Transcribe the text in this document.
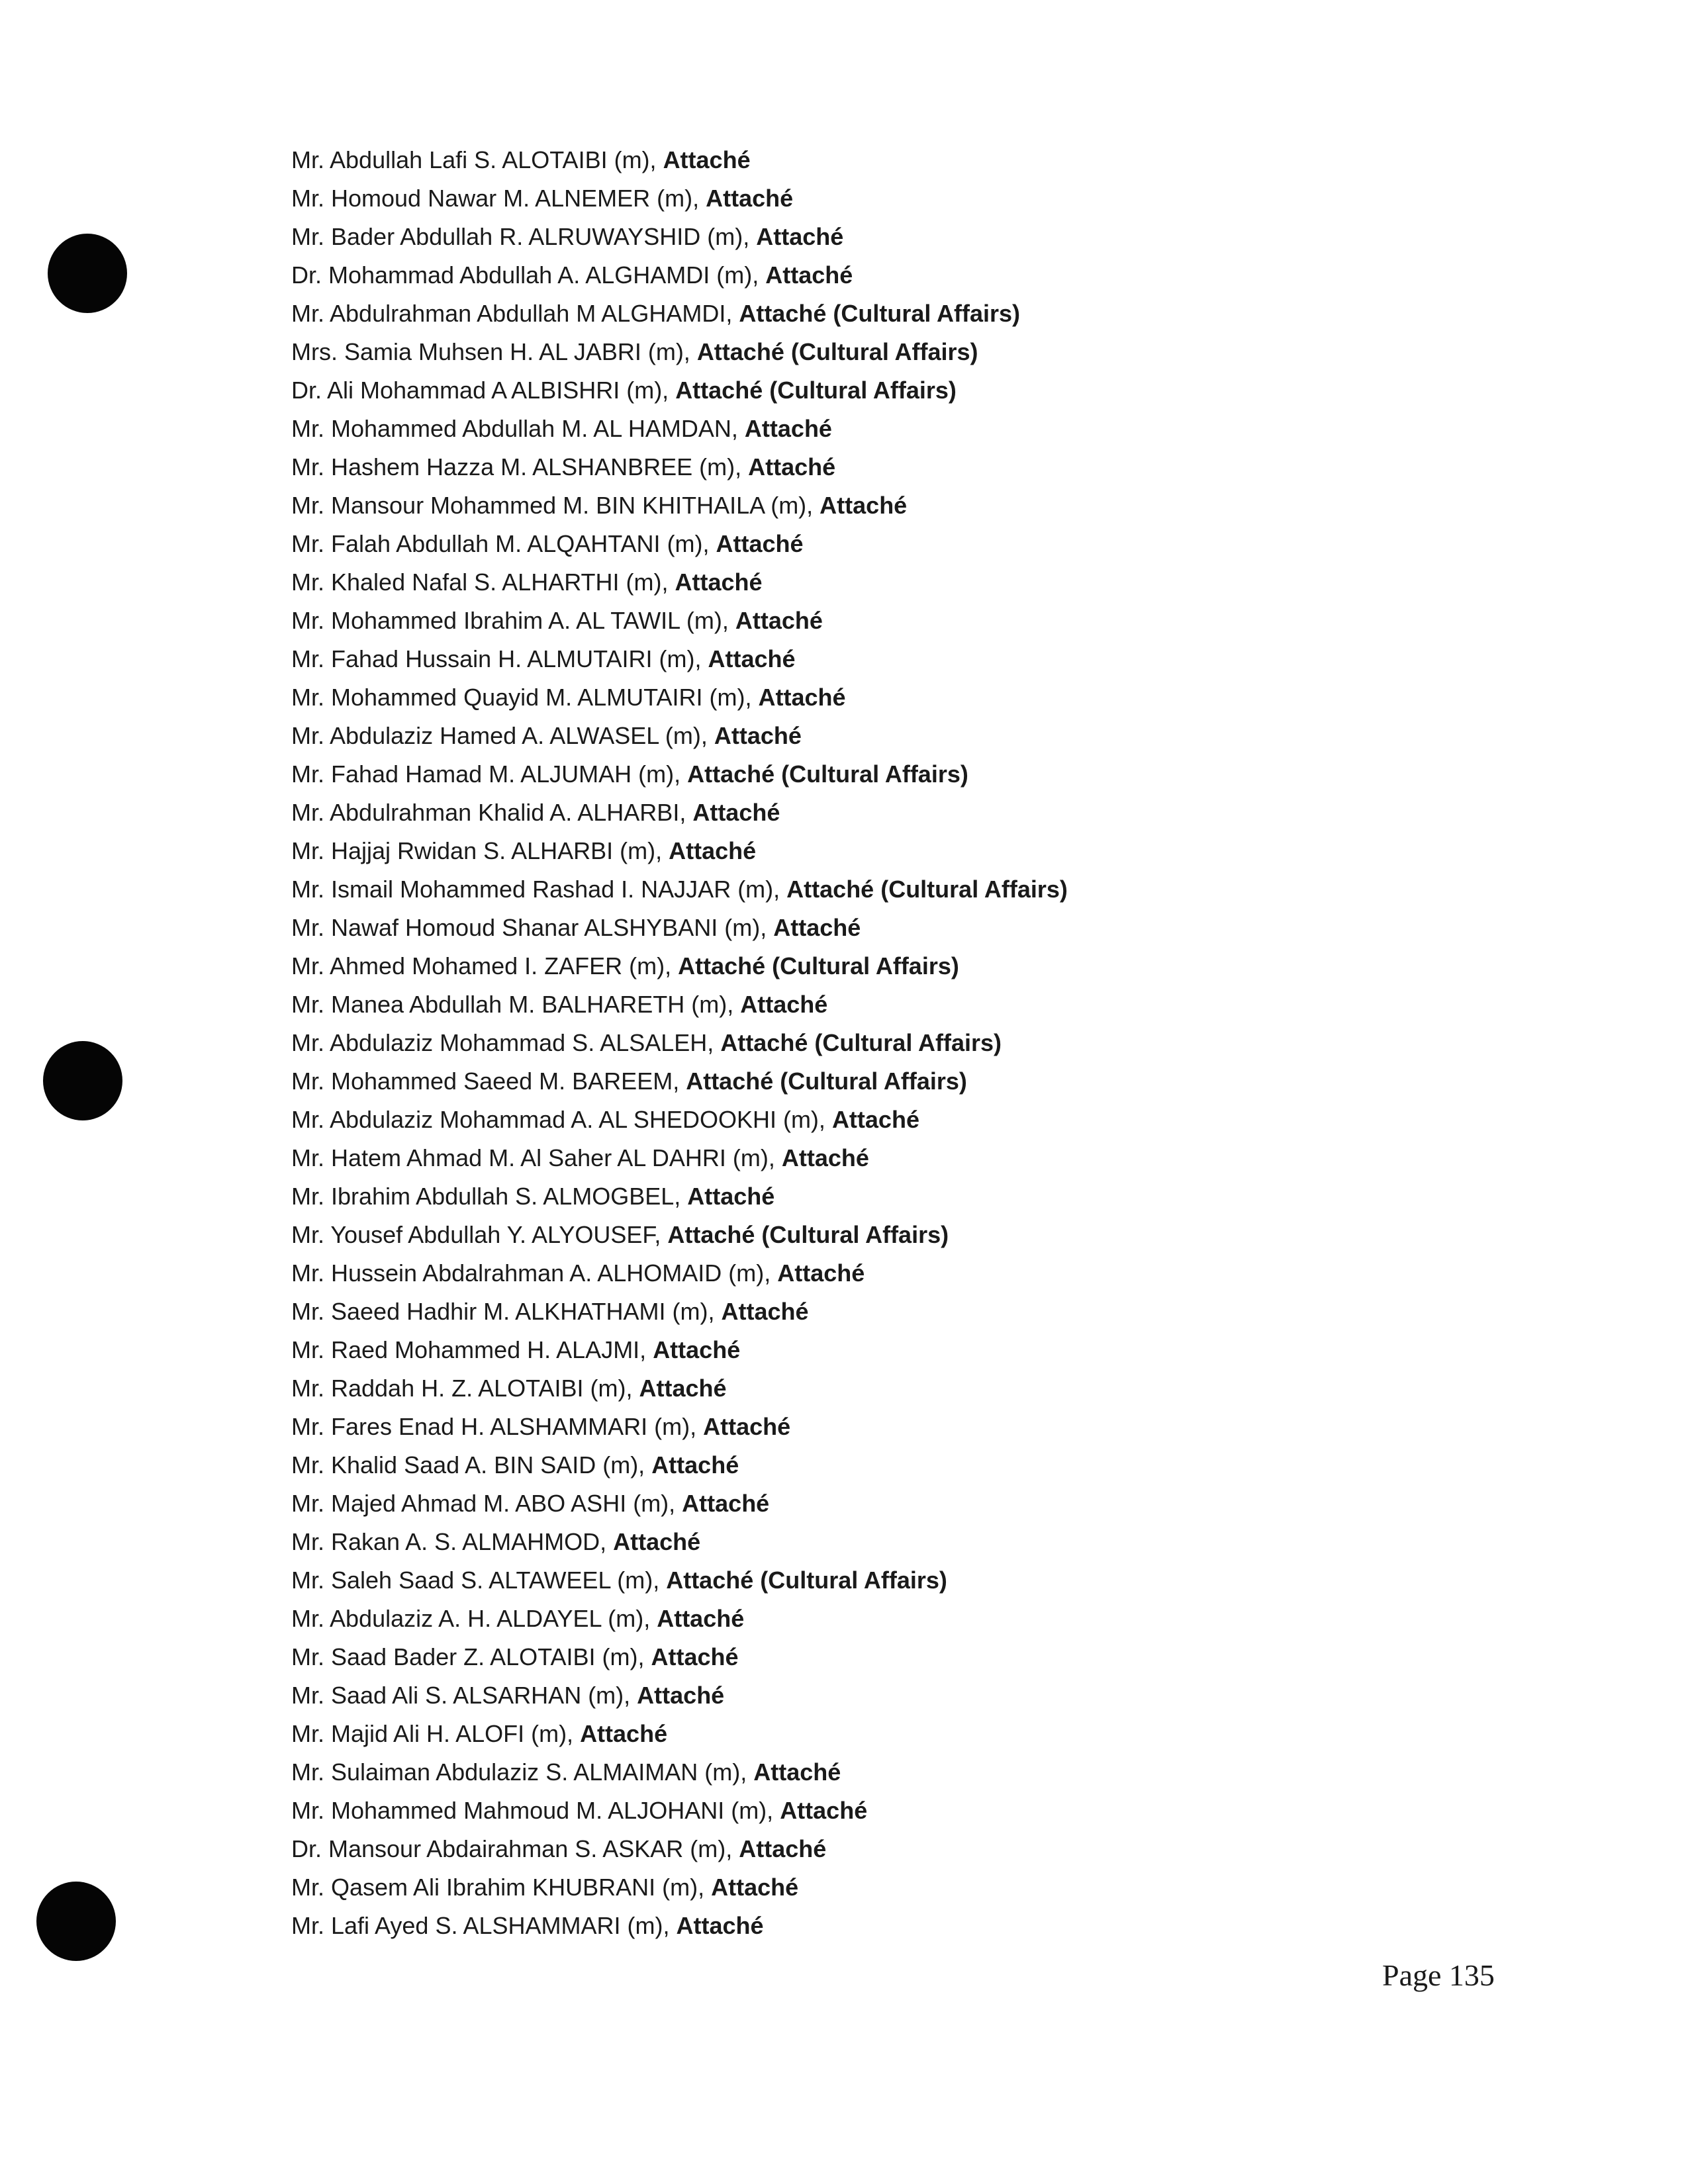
Mr. Abdullah Lafi S. ALOTAIBI (m), Attaché
Mr. Homoud Nawar M. ALNEMER (m), Attaché
Mr. Bader Abdullah R. ALRUWAYSHID (m), Attaché
Dr. Mohammad Abdullah A. ALGHAMDI (m), Attaché
Mr. Abdulrahman Abdullah M ALGHAMDI, Attaché (Cultural Affairs)
Mrs. Samia Muhsen H. AL JABRI (m), Attaché (Cultural Affairs)
Dr. Ali Mohammad A ALBISHRI (m), Attaché (Cultural Affairs)
Mr. Mohammed Abdullah M. AL HAMDAN, Attaché
Mr. Hashem Hazza M. ALSHANBREE (m), Attaché
Mr. Mansour Mohammed M. BIN KHITHAILA (m), Attaché
Mr. Falah Abdullah M. ALQAHTANI (m), Attaché
Mr. Khaled Nafal S. ALHARTHI (m), Attaché
Mr. Mohammed Ibrahim A. AL TAWIL (m), Attaché
Mr. Fahad Hussain H. ALMUTAIRI (m), Attaché
Mr. Mohammed Quayid M. ALMUTAIRI (m), Attaché
Mr. Abdulaziz Hamed A. ALWASEL (m), Attaché
Mr. Fahad Hamad M. ALJUMAH (m), Attaché (Cultural Affairs)
Mr. Abdulrahman Khalid A. ALHARBI, Attaché
Mr. Hajjaj Rwidan S. ALHARBI (m), Attaché
Mr. Ismail Mohammed Rashad I. NAJJAR (m), Attaché (Cultural Affairs)
Mr. Nawaf Homoud Shanar ALSHYBANI (m), Attaché
Mr. Ahmed Mohamed I. ZAFER (m), Attaché (Cultural Affairs)
Mr. Manea Abdullah M. BALHARETH (m), Attaché
Mr. Abdulaziz Mohammad S. ALSALEH, Attaché (Cultural Affairs)
Mr. Mohammed Saeed M. BAREEM, Attaché (Cultural Affairs)
Mr. Abdulaziz Mohammad A. AL SHEDOOKHI (m), Attaché
Mr. Hatem Ahmad M. Al Saher AL DAHRI (m), Attaché
Mr. Ibrahim Abdullah S. ALMOGBEL, Attaché
Mr. Yousef Abdullah Y. ALYOUSEF, Attaché (Cultural Affairs)
Mr. Hussein Abdalrahman A. ALHOMAID (m), Attaché
Mr. Saeed Hadhir M. ALKHATHAMI (m), Attaché
Mr. Raed Mohammed H. ALAJMI, Attaché
Mr. Raddah H. Z. ALOTAIBI (m), Attaché
Mr. Fares Enad H. ALSHAMMARI (m), Attaché
Mr. Khalid Saad A. BIN SAID (m), Attaché
Mr. Majed Ahmad M. ABO ASHI (m), Attaché
Mr. Rakan A. S. ALMAHMOD, Attaché
Mr. Saleh Saad S. ALTAWEEL (m), Attaché (Cultural Affairs)
Mr. Abdulaziz A. H. ALDAYEL (m), Attaché
Mr. Saad Bader Z. ALOTAIBI (m), Attaché
Mr. Saad Ali S. ALSARHAN (m), Attaché
Mr. Majid Ali H. ALOFI (m), Attaché
Mr. Sulaiman Abdulaziz S. ALMAIMAN (m), Attaché
Mr. Mohammed Mahmoud M. ALJOHANI (m), Attaché
Dr. Mansour Abdairahman S. ASKAR (m), Attaché
Mr. Qasem Ali Ibrahim KHUBRANI (m), Attaché
Mr. Lafi Ayed S. ALSHAMMARI (m), Attaché
Page 135
